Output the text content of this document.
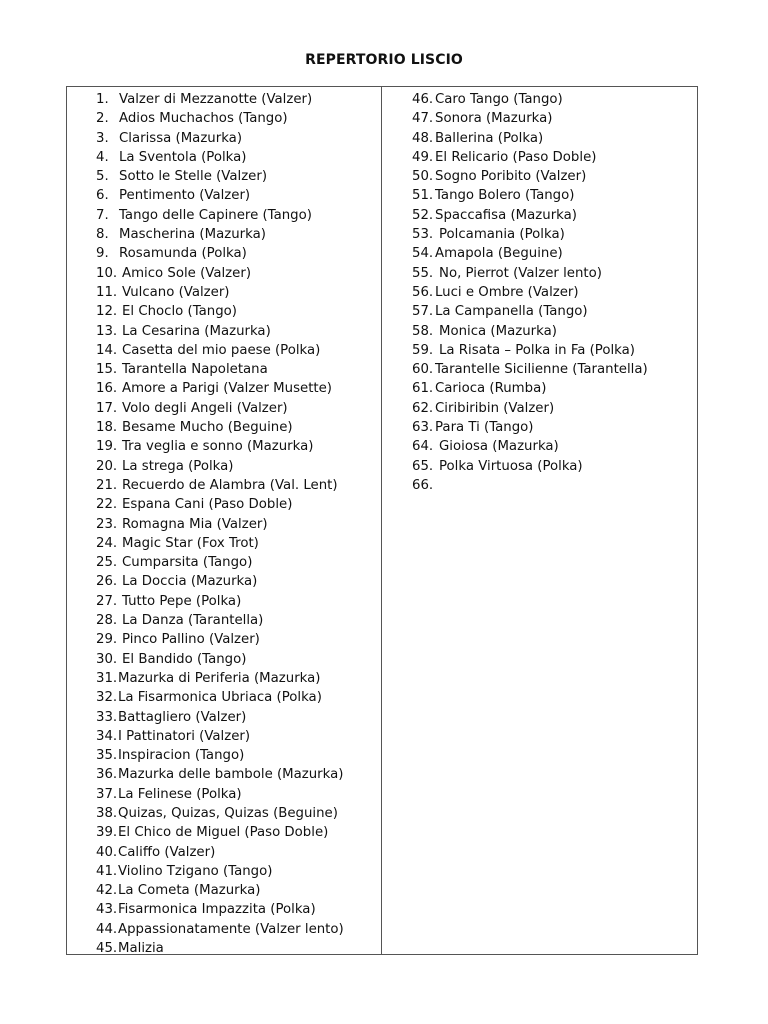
REPERTORIO LISCIO
1. Valzer di Mezzanotte (Valzer)
2. Adios Muchachos (Tango)
3. Clarissa (Mazurka)
4. La Sventola (Polka)
5. Sotto le Stelle (Valzer)
6. Pentimento (Valzer)
7. Tango delle Capinere (Tango)
8. Mascherina (Mazurka)
9. Rosamunda (Polka)
10. Amico Sole (Valzer)
11. Vulcano (Valzer)
12. El Choclo (Tango)
13. La Cesarina (Mazurka)
14. Casetta del mio paese (Polka)
15. Tarantella Napoletana
16. Amore a Parigi (Valzer Musette)
17. Volo degli Angeli (Valzer)
18. Besame Mucho (Beguine)
19. Tra veglia e sonno (Mazurka)
20. La strega (Polka)
21. Recuerdo de Alambra (Val. Lent)
22. Espana Cani (Paso Doble)
23. Romagna Mia (Valzer)
24. Magic Star (Fox Trot)
25. Cumparsita (Tango)
26. La Doccia (Mazurka)
27. Tutto Pepe (Polka)
28. La Danza (Tarantella)
29. Pinco Pallino (Valzer)
30. El Bandido (Tango)
31. Mazurka di Periferia (Mazurka)
32. La Fisarmonica Ubriaca (Polka)
33. Battagliero (Valzer)
34. I Pattinatori (Valzer)
35. Inspiracion (Tango)
36. Mazurka delle bambole (Mazurka)
37. La Felinese (Polka)
38. Quizas, Quizas, Quizas (Beguine)
39. El Chico de Miguel (Paso Doble)
40. Califfo (Valzer)
41. Violino Tzigano (Tango)
42. La Cometa (Mazurka)
43. Fisarmonica Impazzita (Polka)
44. Appassionatamente (Valzer lento)
45. Malizia
46. Caro Tango (Tango)
47. Sonora (Mazurka)
48. Ballerina (Polka)
49. El Relicario (Paso Doble)
50. Sogno Poribito (Valzer)
51. Tango Bolero (Tango)
52. Spaccafisa (Mazurka)
53. Polcamania (Polka)
54. Amapola (Beguine)
55. No, Pierrot (Valzer lento)
56. Luci e Ombre (Valzer)
57. La Campanella (Tango)
58. Monica (Mazurka)
59. La Risata – Polka in Fa (Polka)
60. Tarantelle Sicilienne (Tarantella)
61. Carioca (Rumba)
62. Ciribiribin (Valzer)
63. Para Ti (Tango)
64. Gioiosa (Mazurka)
65. Polka Virtuosa (Polka)
66.
